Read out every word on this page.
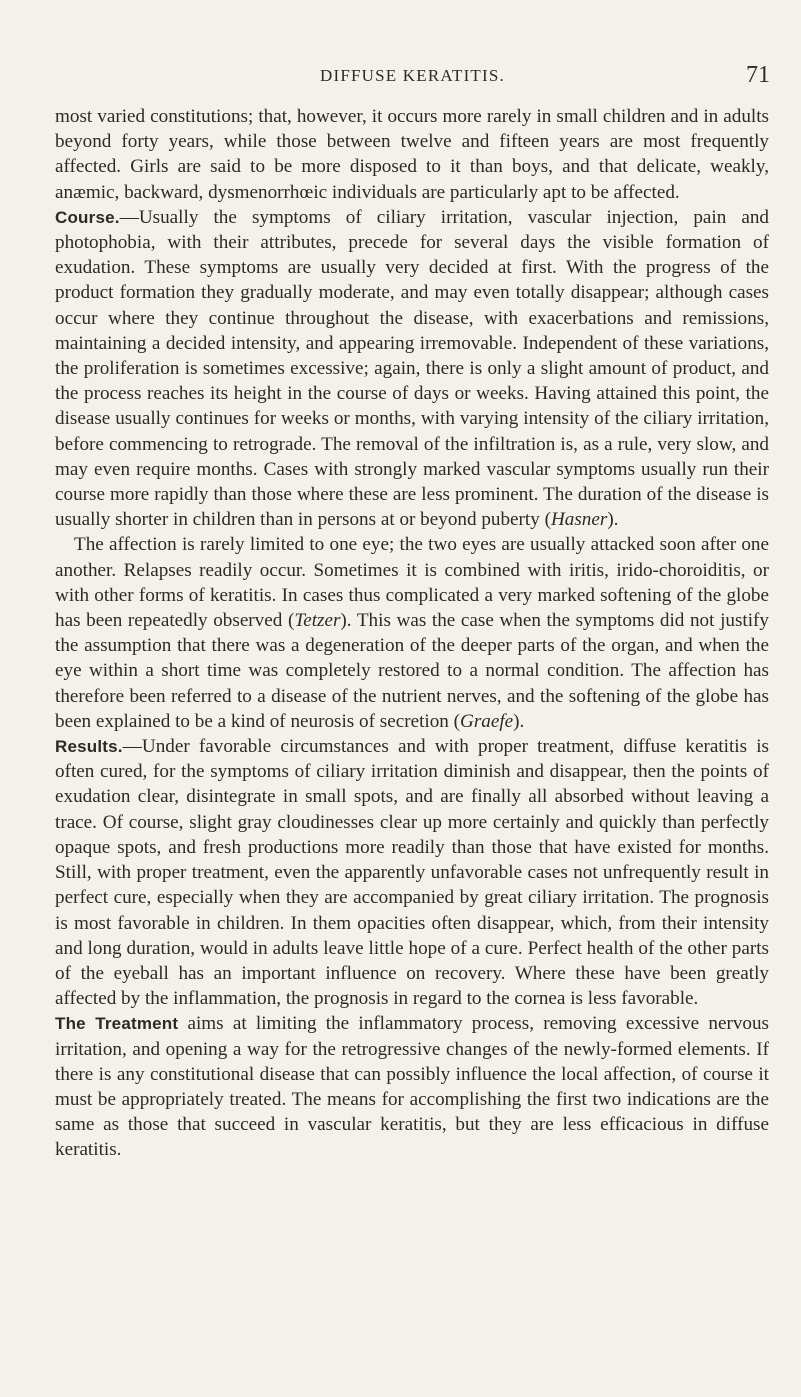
DIFFUSE KERATITIS.	71

most varied constitutions; that, however, it occurs more rarely in small children and in adults beyond forty years, while those between twelve and fifteen years are most frequently affected. Girls are said to be more disposed to it than boys, and that delicate, weakly, anæmic, backward, dysmenorrhœic individuals are particularly apt to be affected.

Course.—Usually the symptoms of ciliary irritation, vascular injection, pain and photophobia, with their attributes, precede for several days the visible formation of exudation. These symptoms are usually very decided at first. With the progress of the product formation they gradually moderate, and may even totally disappear; although cases occur where they continue throughout the disease, with exacerbations and remissions, maintaining a decided intensity, and appearing irremovable. Independent of these variations, the proliferation is sometimes excessive; again, there is only a slight amount of product, and the process reaches its height in the course of days or weeks. Having attained this point, the disease usually continues for weeks or months, with varying intensity of the ciliary irritation, before commencing to retrograde. The removal of the infiltration is, as a rule, very slow, and may even require months. Cases with strongly marked vascular symptoms usually run their course more rapidly than those where these are less prominent. The duration of the disease is usually shorter in children than in persons at or beyond puberty (Hasner).

The affection is rarely limited to one eye; the two eyes are usually attacked soon after one another. Relapses readily occur. Sometimes it is combined with iritis, irido-choroiditis, or with other forms of keratitis. In cases thus complicated a very marked softening of the globe has been repeatedly observed (Tetzer). This was the case when the symptoms did not justify the assumption that there was a degeneration of the deeper parts of the organ, and when the eye within a short time was completely restored to a normal condition. The affection has therefore been referred to a disease of the nutrient nerves, and the softening of the globe has been explained to be a kind of neurosis of secretion (Graefe).

Results.—Under favorable circumstances and with proper treatment, diffuse keratitis is often cured, for the symptoms of ciliary irritation diminish and disappear, then the points of exudation clear, disintegrate in small spots, and are finally all absorbed without leaving a trace. Of course, slight gray cloudinesses clear up more certainly and quickly than perfectly opaque spots, and fresh productions more readily than those that have existed for months. Still, with proper treatment, even the apparently unfavorable cases not unfrequently result in perfect cure, especially when they are accompanied by great ciliary irritation. The prognosis is most favorable in children. In them opacities often disappear, which, from their intensity and long duration, would in adults leave little hope of a cure. Perfect health of the other parts of the eyeball has an important influence on recovery. Where these have been greatly affected by the inflammation, the prognosis in regard to the cornea is less favorable.

The Treatment aims at limiting the inflammatory process, removing excessive nervous irritation, and opening a way for the retrogressive changes of the newly-formed elements. If there is any constitutional disease that can possibly influence the local affection, of course it must be appropriately treated. The means for accomplishing the first two indications are the same as those that succeed in vascular keratitis, but they are less efficacious in diffuse keratitis.
